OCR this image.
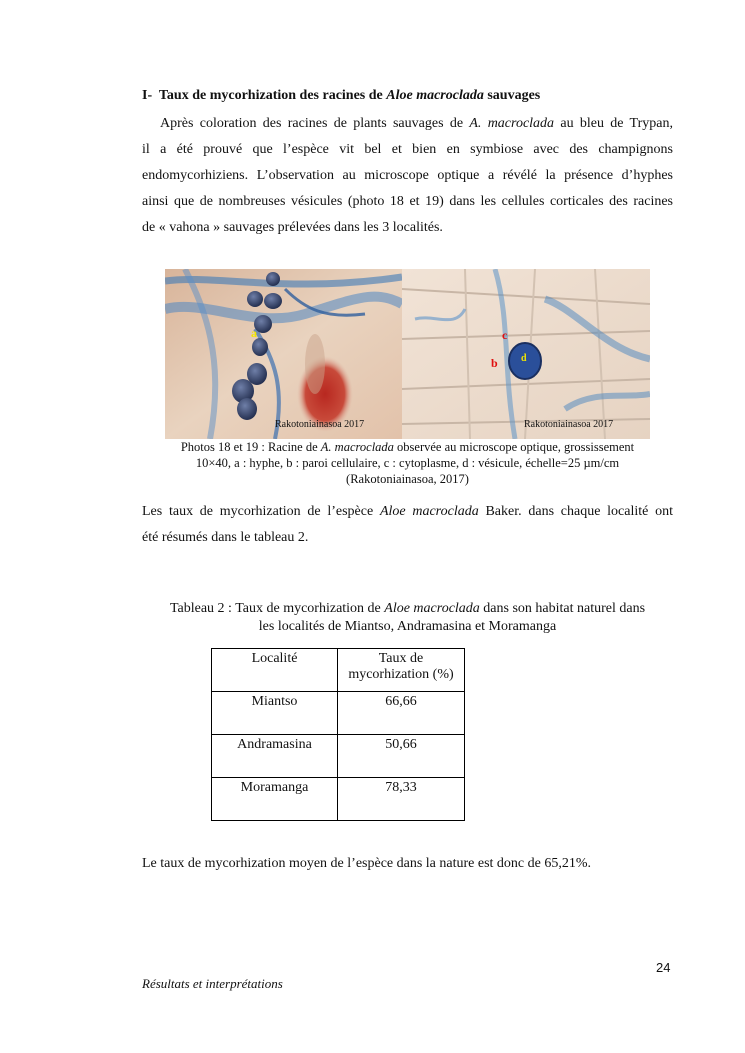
I- Taux de mycorhization des racines de Aloe macroclada sauvages
Après coloration des racines de plants sauvages de A. macroclada au bleu de Trypan,
il a été prouvé que l’espèce vit bel et bien en symbiose avec des champignons
endomycorhiziens. L’observation au microscope optique a révélé la présence d’hyphes
ainsi que de nombreuses vésicules (photo 18 et 19) dans les cellules corticales des racines
de « vahona » sauvages prélevées dans les 3 localités.
a
Rakotoniainasoa 2017
c
b d
Rakotoniainasoa 2017
Photos 18 et 19 : Racine de A. macroclada observée au microscope optique, grossissement
10×40, a : hyphe, b : paroi cellulaire, c : cytoplasme, d : vésicule, échelle=25 µm/cm
(Rakotoniainasoa, 2017)
Les taux de mycorhization de l’espèce Aloe macroclada Baker. dans chaque localité ont
été résumés dans le tableau 2.
Tableau 2 : Taux de mycorhization de Aloe macroclada dans son habitat naturel dans
les localités de Miantso, Andramasina et Moramanga
Localité	Taux de mycorhization (%)
Miantso	66,66
Andramasina	50,66
Moramanga	78,33
Le taux de mycorhization moyen de l’espèce dans la nature est donc de 65,21%.
24
Résultats et interprétations
